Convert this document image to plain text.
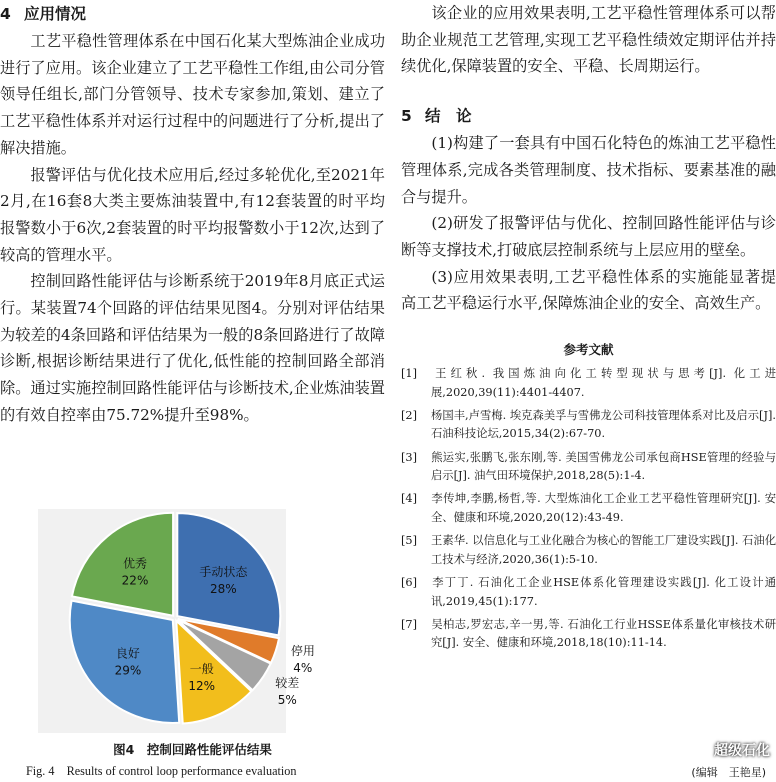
4 应用情况

工艺平稳性管理体系在中国石化某大型炼油企业成功进行了应用。该企业建立了工艺平稳性工作组,由公司分管领导任组长,部门分管领导、技术专家参加,策划、建立了工艺平稳性体系并对运行过程中的问题进行了分析,提出了解决措施。

报警评估与优化技术应用后,经过多轮优化,至2021年2月,在16套8大类主要炼油装置中,有12套装置的时平均报警数小于6次,2套装置的时平均报警数小于12次,达到了较高的管理水平。

控制回路性能评估与诊断系统于2019年8月底正式运行。某装置74个回路的评估结果见图4。分别对评估结果为较差的4条回路和评估结果为一般的8条回路进行了故障诊断,根据诊断结果进行了优化,低性能的控制回路全部消除。通过实施控制回路性能评估与诊断技术,企业炼油装置的有效自控率由75.72%提升至98%。

手动状态
28%
停用
4%
较差
5%
一般
12%
良好
29%
优秀
22%

图4　控制回路性能评估结果

Fig. 4　Results of control loop performance evaluation

该企业的应用效果表明,工艺平稳性管理体系可以帮助企业规范工艺管理,实现工艺平稳性绩效定期评估并持续优化,保障装置的安全、平稳、长周期运行。

5 结　论

(1)构建了一套具有中国石化特色的炼油工艺平稳性管理体系,完成各类管理制度、技术指标、要素基准的融合与提升。

(2)研发了报警评估与优化、控制回路性能评估与诊断等支撑技术,打破底层控制系统与上层应用的壁垒。

(3)应用效果表明,工艺平稳性体系的实施能显著提高工艺平稳运行水平,保障炼油企业的安全、高效生产。

参考文献

[1] 王红秋. 我国炼油向化工转型现状与思考[J]. 化工进展,2020,39(11):4401-4407.

[2] 杨国丰,卢雪梅. 埃克森美孚与雪佛龙公司科技管理体系对比及启示[J]. 石油科技论坛,2015,34(2):67-70.

[3] 熊运实,张鹏飞,张东刚,等. 美国雪佛龙公司承包商HSE管理的经验与启示[J]. 油气田环境保护,2018,28(5):1-4.

[4] 李传坤,李鹏,杨哲,等. 大型炼油化工企业工艺平稳性管理研究[J]. 安全、健康和环境,2020,20(12):43-49.

[5] 王素华. 以信息化与工业化融合为核心的智能工厂建设实践[J]. 石油化工技术与经济,2020,36(1):5-10.

[6] 李丁丁. 石油化工企业HSE体系化管理建设实践[J]. 化工设计通讯,2019,45(1):177.

[7] 吴柏志,罗宏志,辛一男,等. 石油化工行业HSSE体系量化审核技术研究[J]. 安全、健康和环境,2018,18(10):11-14.

超级石化
(编辑　王艳星)
